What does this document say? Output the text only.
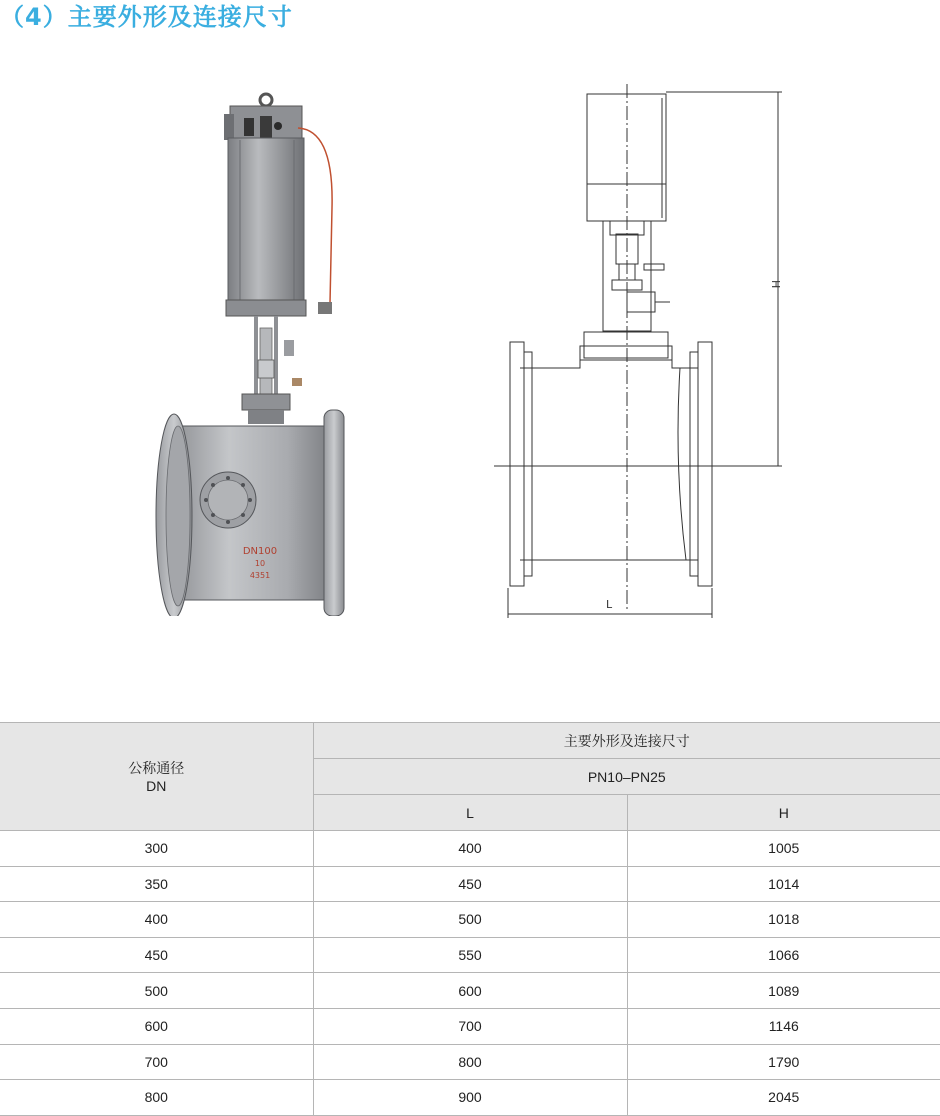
（4）主要外形及连接尺寸
DN100
10
4351
H
L
公称通径
DN	主要外形及连接尺寸	
	PN10–PN25	
	L	H
300	400	1005
350	450	1014
400	500	1018
450	550	1066
500	600	1089
600	700	1146
700	800	1790
800	900	2045
